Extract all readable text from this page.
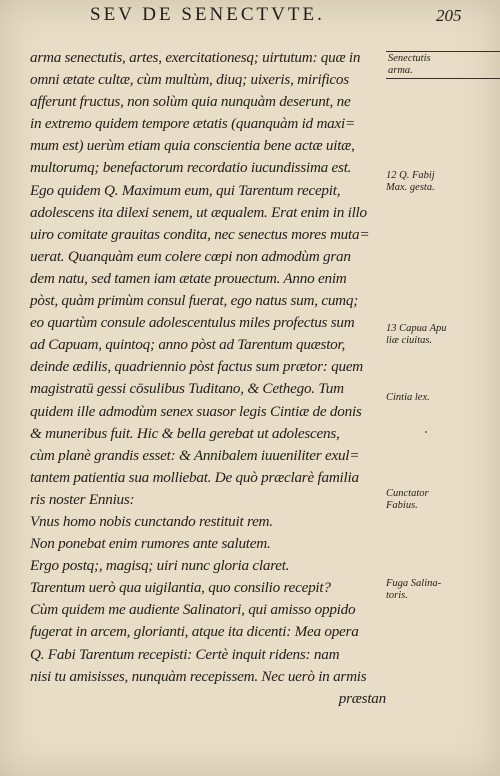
SEV DE SENECTVTE.	205
arma senectutis, artes, exercitationesq; uirtutum: quæ in
omni ætate cultæ, cùm multùm, diuq; uixeris, mirificos
afferunt fructus, non solùm quia nunquàm deserunt, ne
in extremo quidem tempore ætatis (quanquàm id maxi=
mum est) uerùm etiam quia conscientia bene actæ uitæ,
multorumq; benefactorum recordatio iucundissima est.
Ego quidem Q. Maximum eum, qui Tarentum recepit,
adolescens ita dilexi senem, ut æqualem. Erat enim in illo
uiro comitate grauitas condita, nec senectus mores muta=
uerat. Quanquàm eum colere cœpi non admodùm gran
dem natu, sed tamen iam ætate prouectum. Anno enim
pòst, quàm primùm consul fuerat, ego natus sum, cumq;
eo quartùm consule adolescentulus miles profectus sum
ad Capuam, quintoq; anno pòst ad Tarentum quæstor,
deinde ædilis, quadriennio pòst factus sum prætor: quem
magistratū gessi cōsulibus Tuditano, & Cethego. Tum
quidem ille admodùm senex suasor legis Cintiæ de donis
& muneribus fuit. Hic & bella gerebat ut adolescens,
cùm planè grandis esset: & Annibalem iuueniliter exul=
tantem patientia sua molliebat. De quò præclarè familia
ris noster Ennius:
Vnus homo nobis cunctando restituit rem.
Non ponebat enim rumores ante salutem.
Ergo postq;, magisq; uiri nunc gloria claret.
Tarentum uerò qua uigilantia, quo consilio recepit?
Cùm quidem me audiente Salinatori, qui amisso oppido
fugerat in arcem, glorianti, atque ita dicenti: Mea opera
Q. Fabi Tarentum recepisti: Certè inquit ridens: nam
nisi tu amisisses, nunquàm recepissem. Nec uerò in armis
præstan
Senectutis
arma.
12 Q. Fabij
Max. gesta.
13 Capua Apu
liæ ciuitas.
Cintia lex.
Cunctator
Fabius.
Fuga Salina-
toris.
